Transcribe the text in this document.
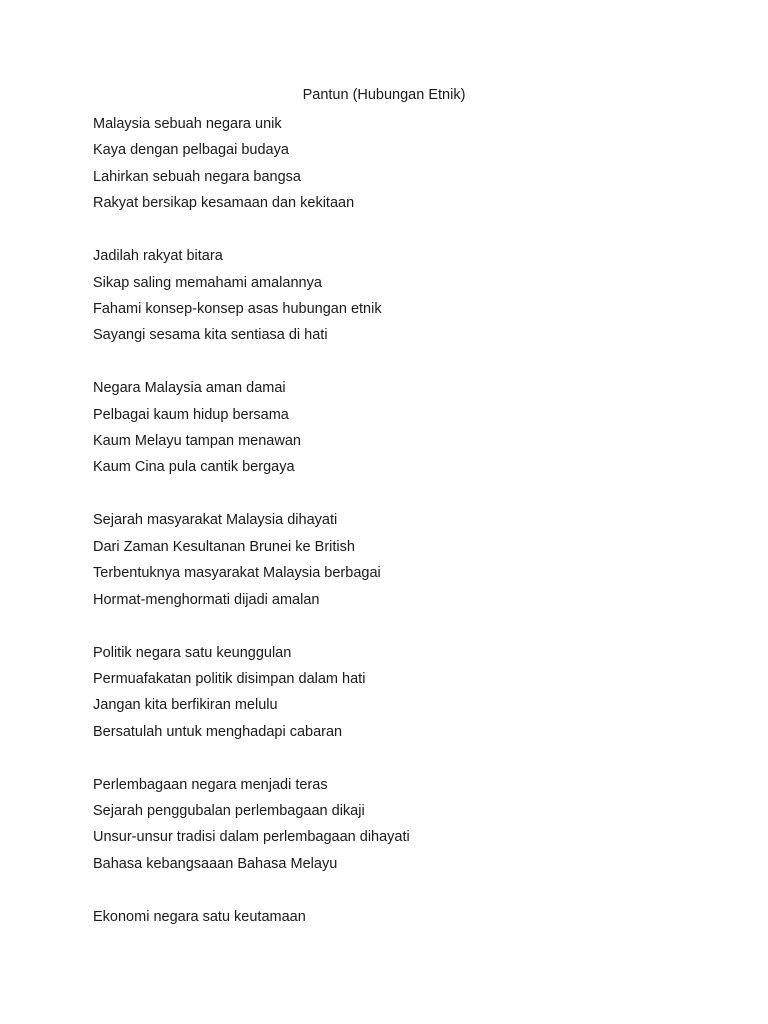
Pantun (Hubungan Etnik)
Malaysia sebuah negara unik
Kaya dengan pelbagai budaya
Lahirkan sebuah negara bangsa
Rakyat bersikap kesamaan dan kekitaan
Jadilah rakyat bitara
Sikap saling memahami amalannya
Fahami konsep-konsep asas hubungan etnik
Sayangi sesama kita sentiasa di hati
Negara Malaysia aman damai
Pelbagai kaum hidup bersama
Kaum Melayu tampan menawan
Kaum Cina pula cantik bergaya
Sejarah masyarakat Malaysia dihayati
Dari Zaman Kesultanan Brunei ke British
Terbentuknya masyarakat Malaysia berbagai
Hormat-menghormati dijadi amalan
Politik negara satu keunggulan
Permuafakatan politik disimpan dalam hati
Jangan kita berfikiran melulu
Bersatulah untuk menghadapi cabaran
Perlembagaan negara menjadi teras
Sejarah penggubalan perlembagaan dikaji
Unsur-unsur tradisi dalam perlembagaan dihayati
Bahasa kebangsaaan Bahasa Melayu
Ekonomi negara satu keutamaan
